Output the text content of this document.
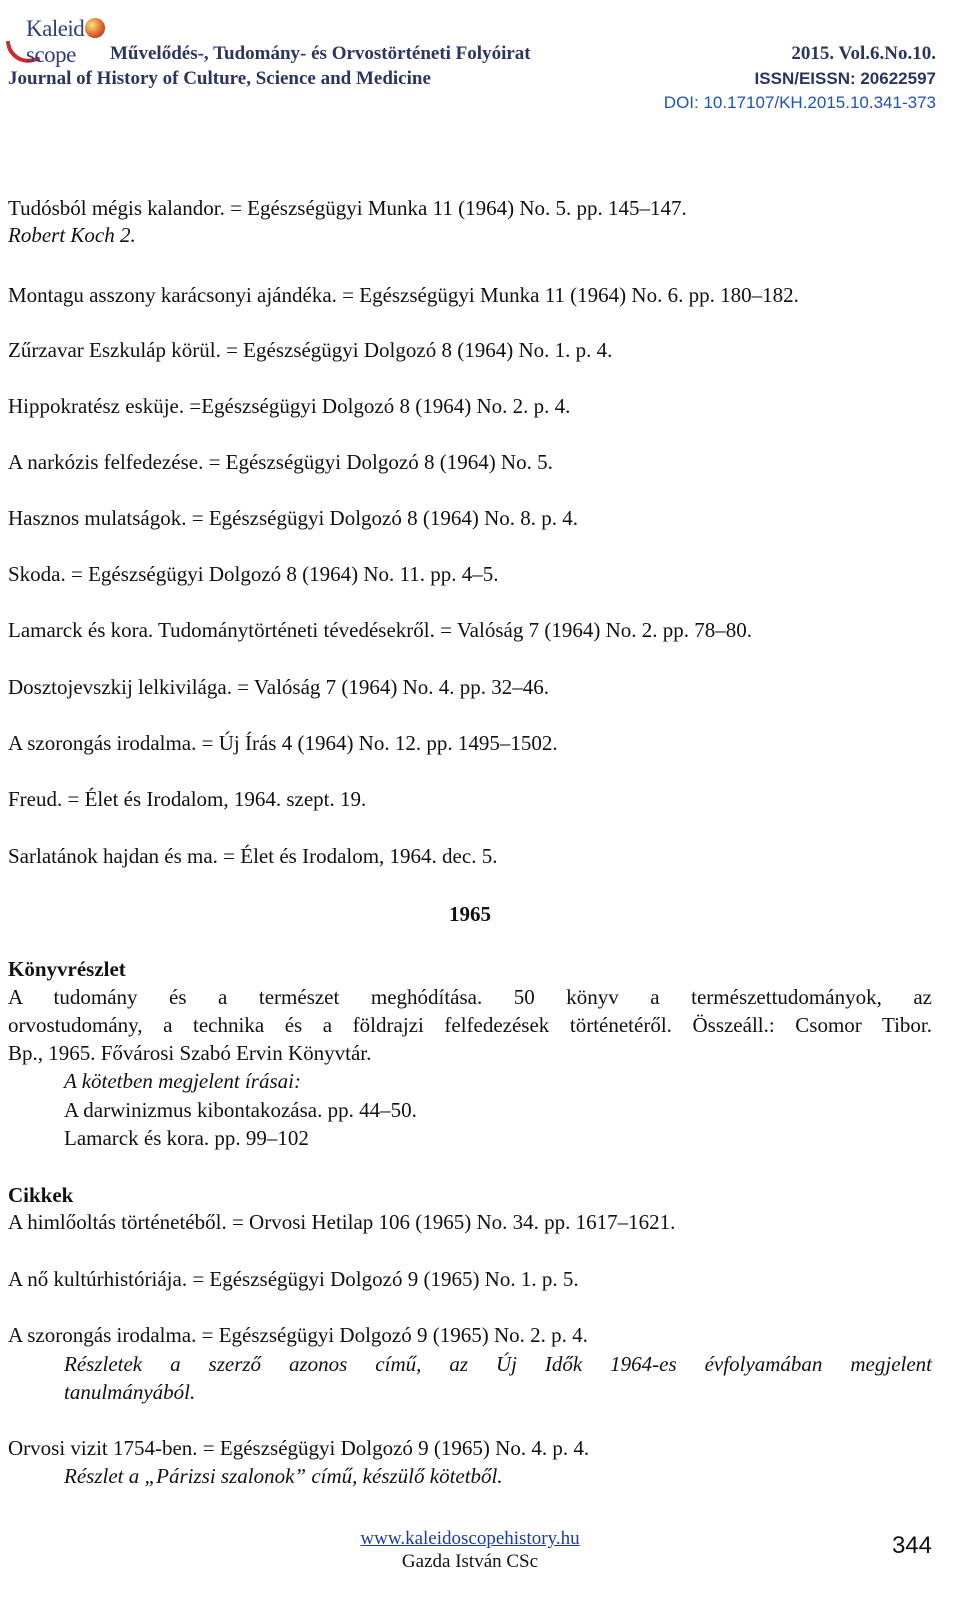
Kaleidscope	Művelődés-, Tudomány- és Orvostörténeti Folyóirat
Journal of History of Culture, Science and Medicine
2015. Vol.6.No.10.
ISSN/EISSN: 20622597
DOI: 10.17107/KH.2015.10.341-373
Tudósból mégis kalandor. = Egészségügyi Munka 11 (1964) No. 5. pp. 145–147.
Robert Koch 2.
Montagu asszony karácsonyi ajándéka. = Egészségügyi Munka 11 (1964) No. 6. pp. 180–182.
Zűrzavar Eszkuláp körül. = Egészségügyi Dolgozó 8 (1964) No. 1. p. 4.
Hippokratész esküje. =Egészségügyi Dolgozó 8 (1964) No. 2. p. 4.
A narkózis felfedezése. = Egészségügyi Dolgozó 8 (1964) No. 5.
Hasznos mulatságok. = Egészségügyi Dolgozó 8 (1964) No. 8. p. 4.
Skoda. = Egészségügyi Dolgozó 8 (1964) No. 11. pp. 4–5.
Lamarck és kora. Tudománytörténeti tévedésekről. = Valóság 7 (1964) No. 2. pp. 78–80.
Dosztojevszkij lelkivilága. = Valóság 7 (1964) No. 4. pp. 32–46.
A szorongás irodalma. = Új Írás 4 (1964) No. 12. pp. 1495–1502.
Freud. = Élet és Irodalom, 1964. szept. 19.
Sarlatánok hajdan és ma. = Élet és Irodalom, 1964. dec. 5.
1965
Könyvrészlet
A tudomány és a természet meghódítása. 50 könyv a természettudományok, az
orvostudomány, a technika és a földrajzi felfedezések történetéről. Összeáll.: Csomor Tibor.
Bp., 1965. Fővárosi Szabó Ervin Könyvtár.
A kötetben megjelent írásai:
A darwinizmus kibontakozása. pp. 44–50.
Lamarck és kora. pp. 99–102
Cikkek
A himlőoltás történetéből. = Orvosi Hetilap 106 (1965) No. 34. pp. 1617–1621.
A nő kultúrhistóriája. = Egészségügyi Dolgozó 9 (1965) No. 1. p. 5.
A szorongás irodalma. = Egészségügyi Dolgozó 9 (1965) No. 2. p. 4.
Részletek a szerző azonos című, az Új Idők 1964-es évfolyamában megjelent
tanulmányából.
Orvosi vizit 1754-ben. = Egészségügyi Dolgozó 9 (1965) No. 4. p. 4.
Részlet a „Párizsi szalonok” című, készülő kötetből.
www.kaleidoscopehistory.hu
Gazda István CSc
344
